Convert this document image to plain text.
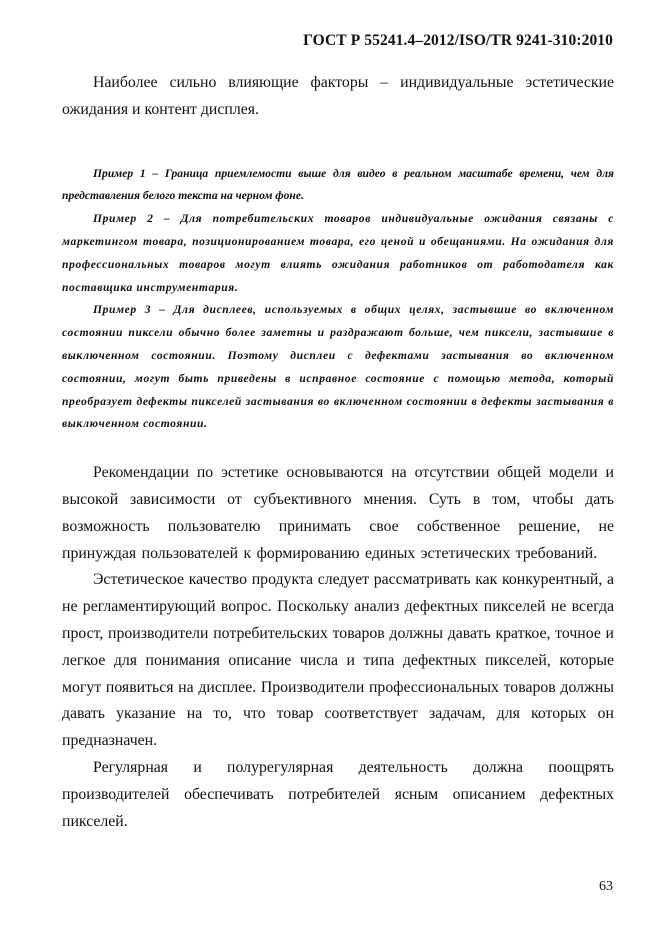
ГОСТ Р 55241.4–2012/ISO/TR 9241-310:2010

Наиболее сильно влияющие факторы – индивидуальные эстетические ожидания и контент дисплея.

Пример 1 – Граница приемлемости выше для видео в реальном масштабе времени, чем для представления белого текста на черном фоне.

Пример 2 – Для потребительских товаров индивидуальные ожидания связаны с маркетингом товара, позиционированием товара, его ценой и обещаниями. На ожидания для профессиональных товаров могут влиять ожидания работников от работодателя как поставщика инструментария.

Пример 3 – Для дисплеев, используемых в общих целях, застывшие во включенном состоянии пиксели обычно более заметны и раздражают больше, чем пиксели, застывшие в выключенном состоянии. Поэтому дисплеи с дефектами застывания во включенном состоянии, могут быть приведены в исправное состояние с помощью метода, который преобразует дефекты пикселей застывания во включенном состоянии в дефекты застывания в выключенном состоянии.

Рекомендации по эстетике основываются на отсутствии общей модели и высокой зависимости от субъективного мнения. Суть в том, чтобы дать возможность пользователю принимать свое собственное решение, не принуждая пользователей к формированию единых эстетических требований.

Эстетическое качество продукта следует рассматривать как конкурентный, а не регламентирующий вопрос. Поскольку анализ дефектных пикселей не всегда прост, производители потребительских товаров должны давать краткое, точное и легкое для понимания описание числа и типа дефектных пикселей, которые могут появиться на дисплее. Производители профессиональных товаров должны давать указание на то, что товар соответствует задачам, для которых он предназначен.

Регулярная и полурегулярная деятельность должна поощрять производителей обеспечивать потребителей ясным описанием дефектных пикселей.

63
